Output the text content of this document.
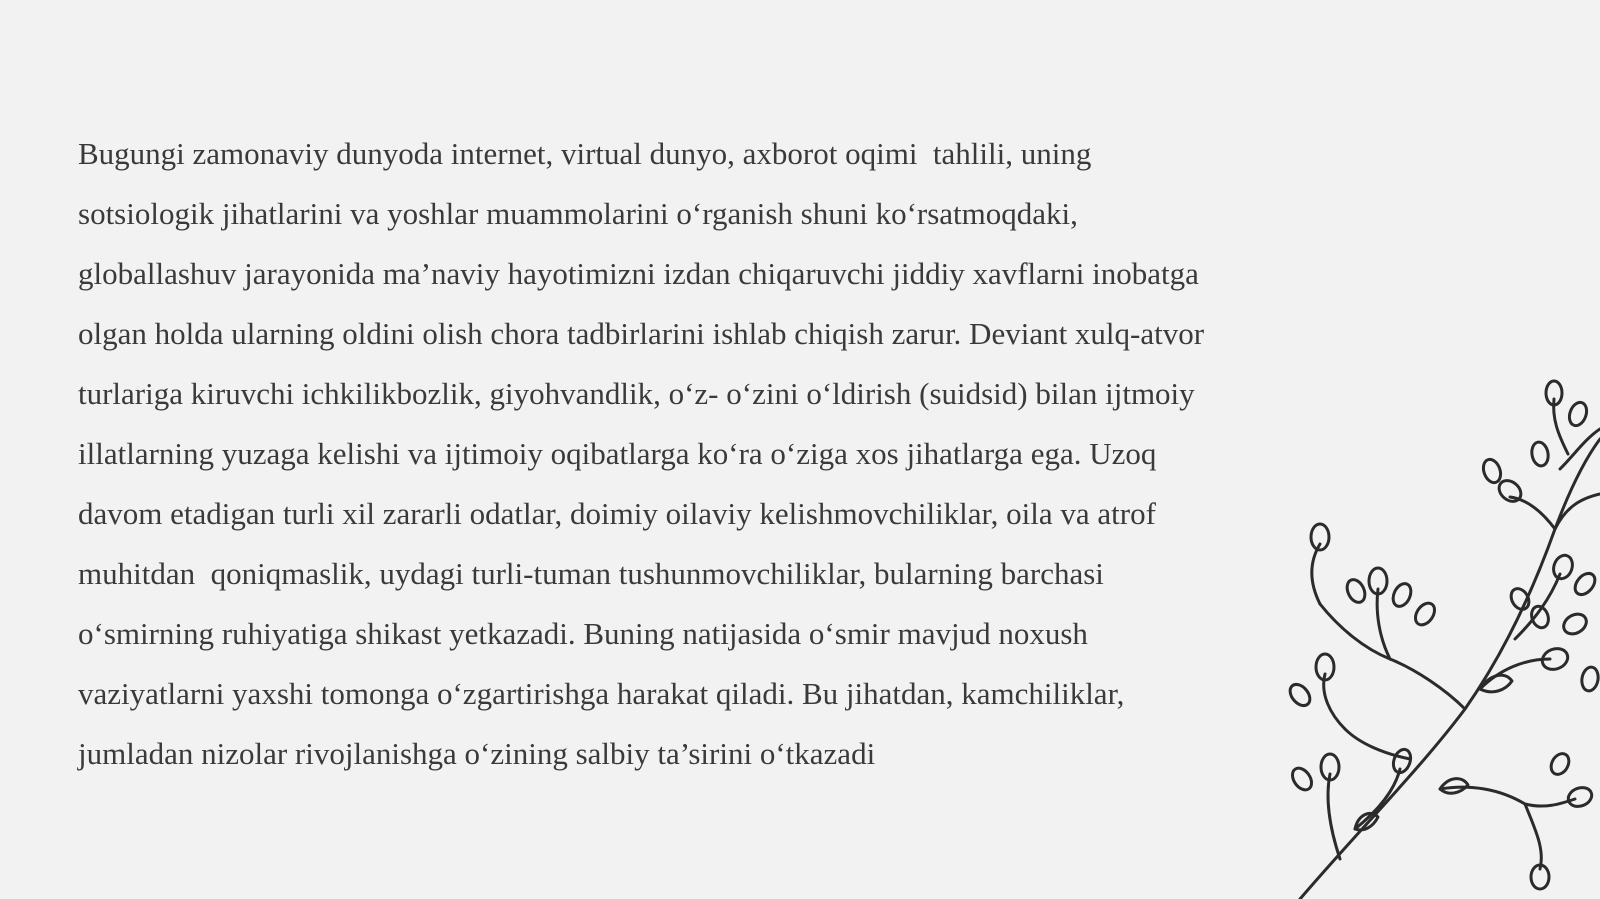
Bugungi zamonaviy dunyoda internet, virtual dunyo, axborot oqimi  tahlili, uning
sotsiologik jihatlarini va yoshlar muammolarini o‘rganish shuni ko‘rsatmoqdaki,
globallashuv jarayonida ma’naviy hayotimizni izdan chiqaruvchi jiddiy xavflarni inobatga
olgan holda ularning oldini olish chora tadbirlarini ishlab chiqish zarur. Deviant xulq-atvor
turlariga kiruvchi ichkilikbozlik, giyohvandlik, o‘z- o‘zini o‘ldirish (suidsid) bilan ijtmoiy
illatlarning yuzaga kelishi va ijtimoiy oqibatlarga ko‘ra o‘ziga xos jihatlarga ega. Uzoq
davom etadigan turli xil zararli odatlar, doimiy oilaviy kelishmovchiliklar, oila va atrof
muhitdan  qoniqmaslik, uydagi turli-tuman tushunmovchiliklar, bularning barchasi
o‘smirning ruhiyatiga shikast yetkazadi. Buning natijasida o‘smir mavjud noxush
vaziyatlarni yaxshi tomonga o‘zgartirishga harakat qiladi. Bu jihatdan, kamchiliklar,
jumladan nizolar rivojlanishga o‘zining salbiy ta’sirini o‘tkazadi
